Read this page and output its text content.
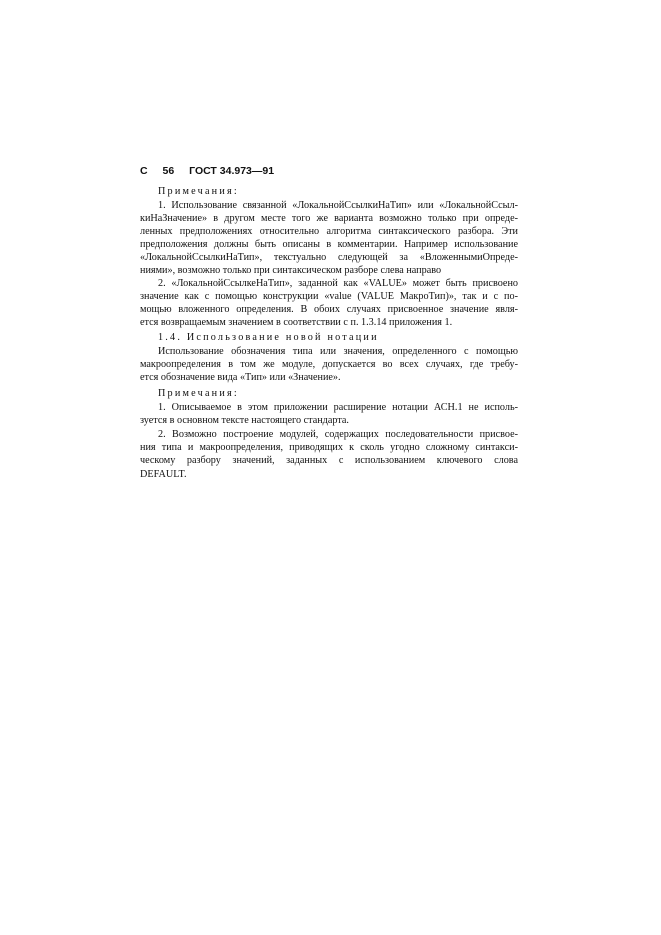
С 56 ГОСТ 34.973—91
Примечания:
1. Использование связанной «ЛокальнойСсылкиНаТип» или «ЛокальнойСсыл-
киНаЗначение» в другом месте того же варианта возможно только при опреде-
ленных предположениях относительно алгоритма синтаксического разбора. Эти
предположения должны быть описаны в комментарии. Например использование
«ЛокальнойСсылкиНаТип», текстуально следующей за «ВложеннымиОпреде-
ниями», возможно только при синтаксическом разборе слева направо
2. «ЛокальнойСсылкеНаТип», заданной как «VALUE» может быть присвоено
значение как с помощью конструкции «value (VALUE МакроТип)», так и с по-
мощью вложенного определения. В обоих случаях присвоенное значение явля-
ется возвращаемым значением в соответствии с п. 1.3.14 приложения 1.
1.4. Использование новой нотации
Использование обозначения типа или значения, определенного с помощью
макроопределения в том же модуле, допускается во всех случаях, где требу-
ется обозначение вида «Тип» или «Значение».
Примечания:
1. Описываемое в этом приложении расширение нотации АСН.1 не исполь-
зуется в основном тексте настоящего стандарта.
2. Возможно построение модулей, содержащих последовательности присвое-
ния типа и макроопределения, приводящих к сколь угодно сложному синтакси-
ческому разбору значений, заданных с использованием ключевого слова
DEFAULT.
